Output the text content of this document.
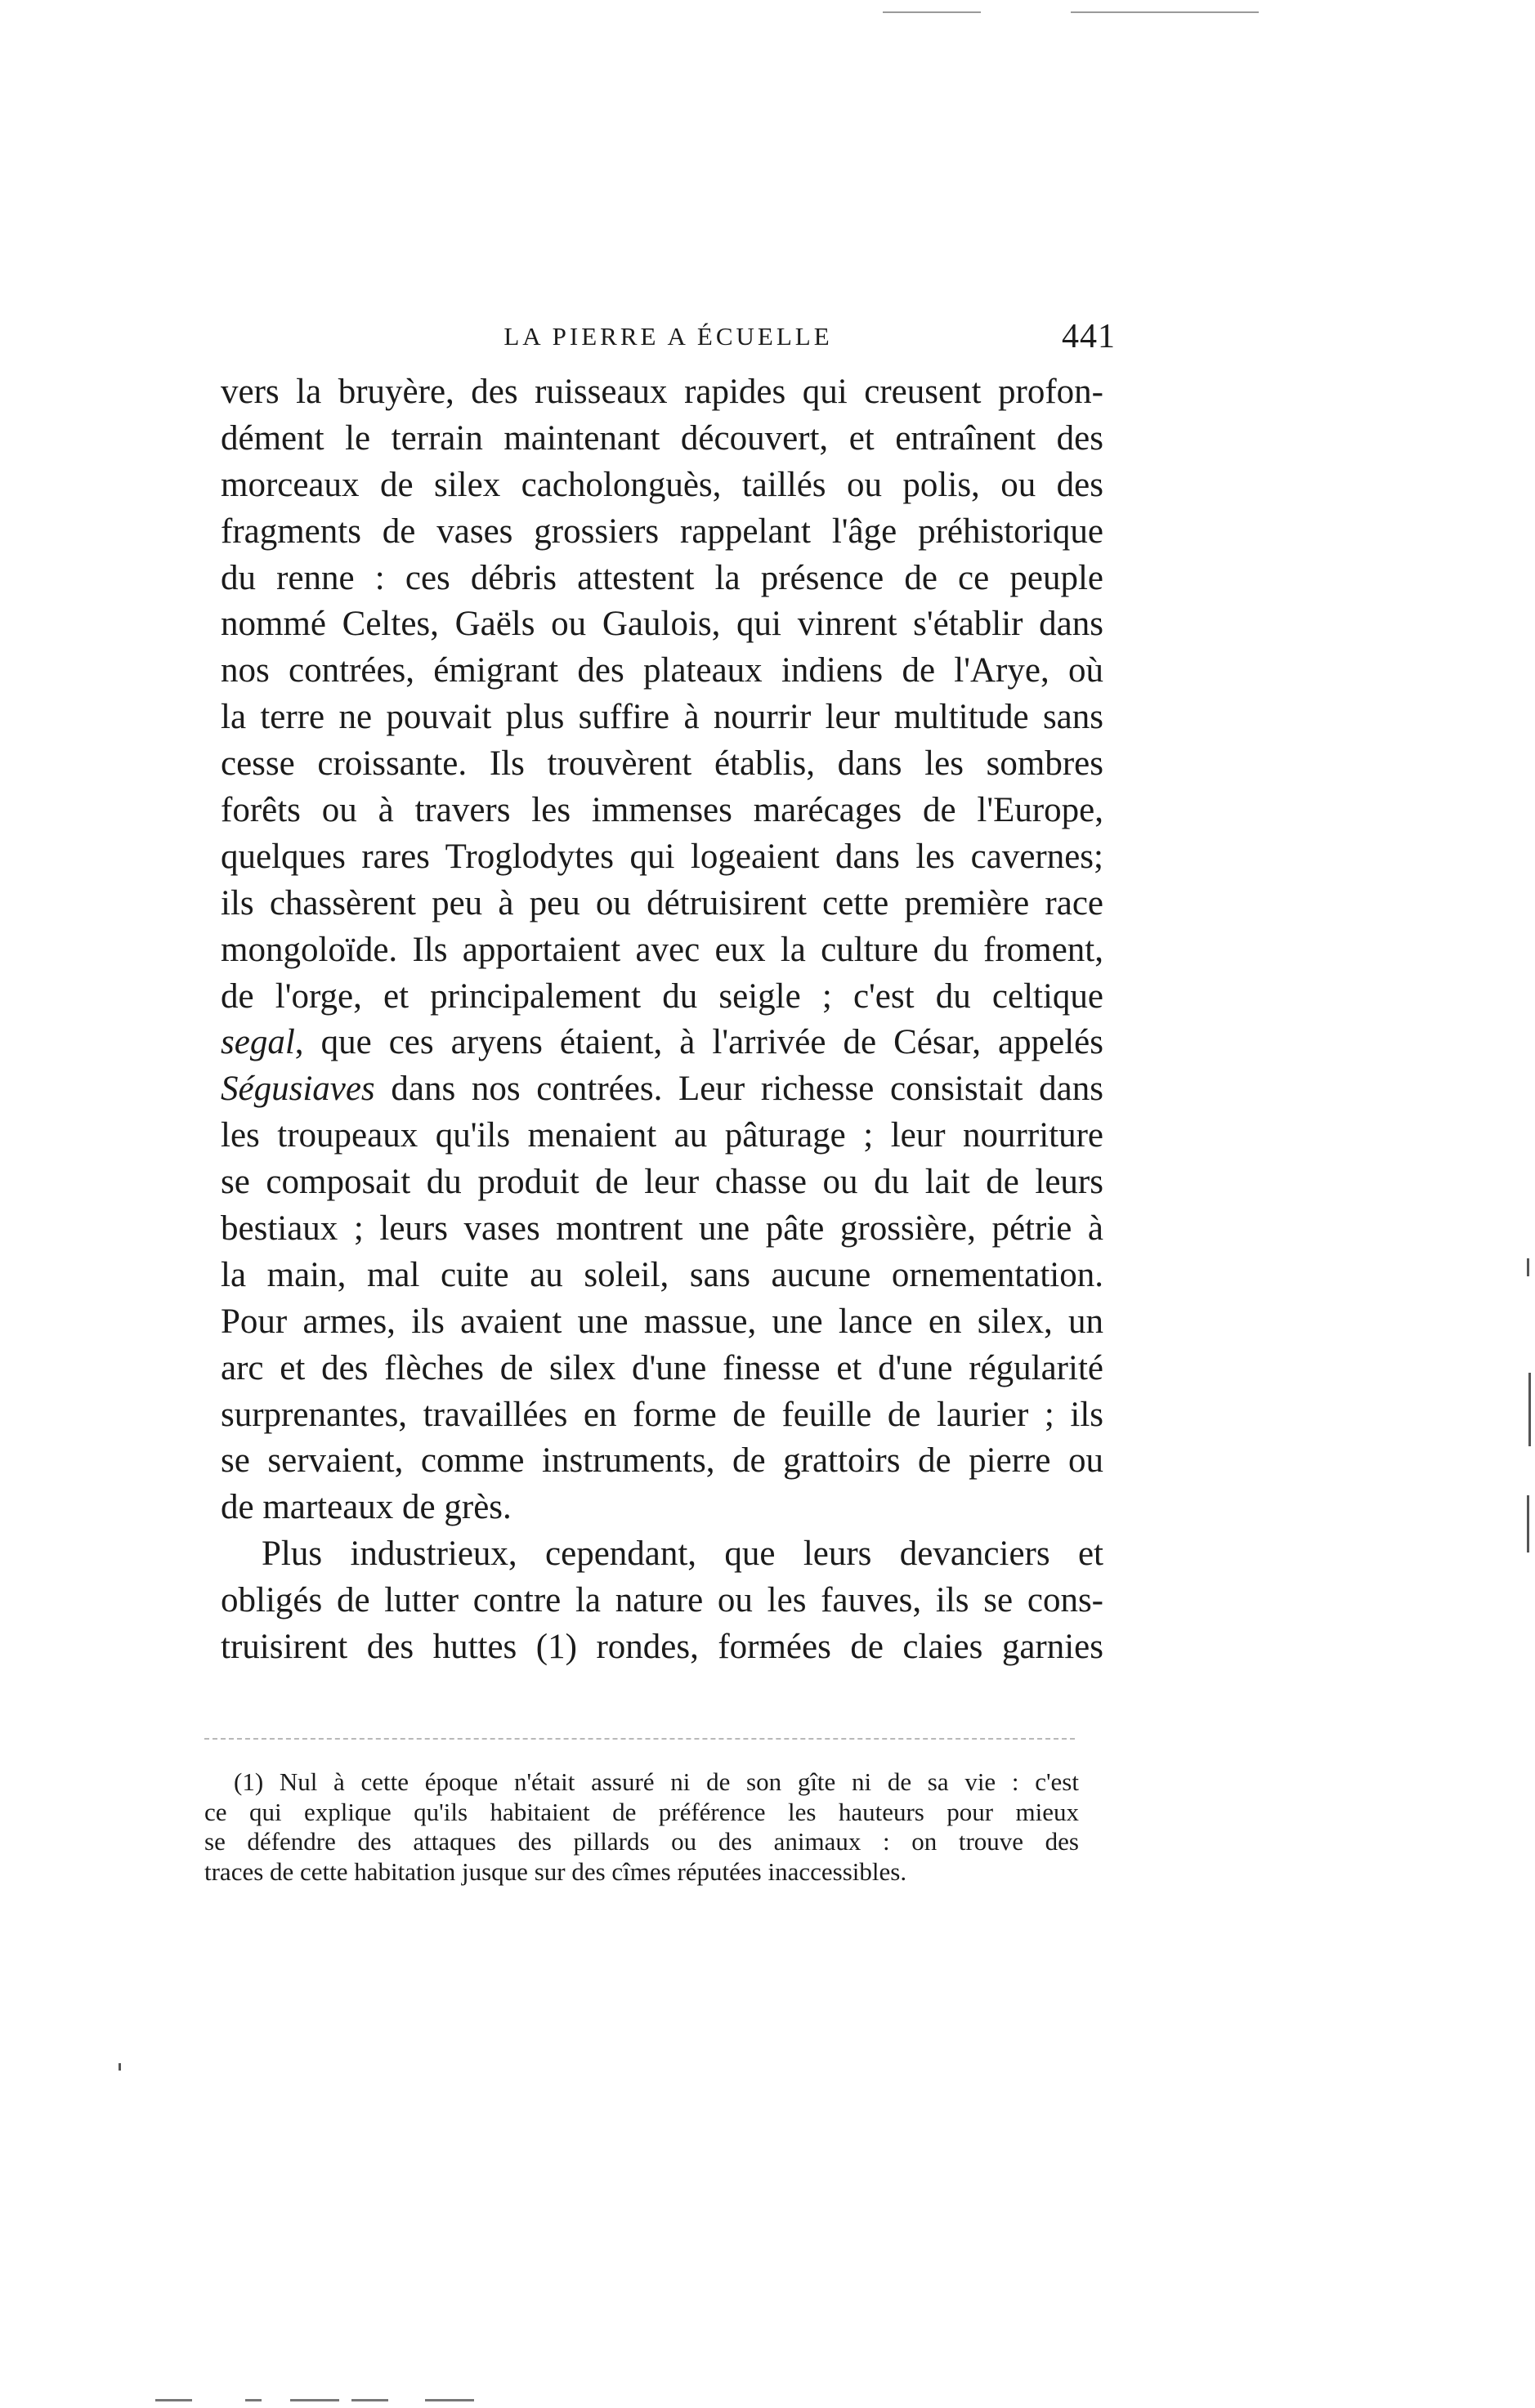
LA PIERRE A ÉCUELLE	441
vers la bruyère, des ruisseaux rapides qui creusent profon-
dément le terrain maintenant découvert, et entraînent des
morceaux de silex cacholonguès, taillés ou polis, ou des
fragments de vases grossiers rappelant l'âge préhistorique
du renne : ces débris attestent la présence de ce peuple
nommé Celtes, Gaëls ou Gaulois, qui vinrent s'établir dans
nos contrées, émigrant des plateaux indiens de l'Arye, où
la terre ne pouvait plus suffire à nourrir leur multitude sans
cesse croissante. Ils trouvèrent établis, dans les sombres
forêts ou à travers les immenses marécages de l'Europe,
quelques rares Troglodytes qui logeaient dans les cavernes;
ils chassèrent peu à peu ou détruisirent cette première race
mongoloïde. Ils apportaient avec eux la culture du froment,
de l'orge, et principalement du seigle ; c'est du celtique
segal, que ces aryens étaient, à l'arrivée de César, appelés
Ségusiaves dans nos contrées. Leur richesse consistait dans
les troupeaux qu'ils menaient au pâturage ; leur nourriture
se composait du produit de leur chasse ou du lait de leurs
bestiaux ; leurs vases montrent une pâte grossière, pétrie à
la main, mal cuite au soleil, sans aucune ornementation.
Pour armes, ils avaient une massue, une lance en silex, un
arc et des flèches de silex d'une finesse et d'une régularité
surprenantes, travaillées en forme de feuille de laurier ; ils
se servaient, comme instruments, de grattoirs de pierre ou
de marteaux de grès.
Plus industrieux, cependant, que leurs devanciers et
obligés de lutter contre la nature ou les fauves, ils se cons-
truisirent des huttes (1) rondes, formées de claies garnies
(1) Nul à cette époque n'était assuré ni de son gîte ni de sa vie : c'est
ce qui explique qu'ils habitaient de préférence les hauteurs pour mieux
se défendre des attaques des pillards ou des animaux : on trouve des
traces de cette habitation jusque sur des cîmes réputées inaccessibles.
